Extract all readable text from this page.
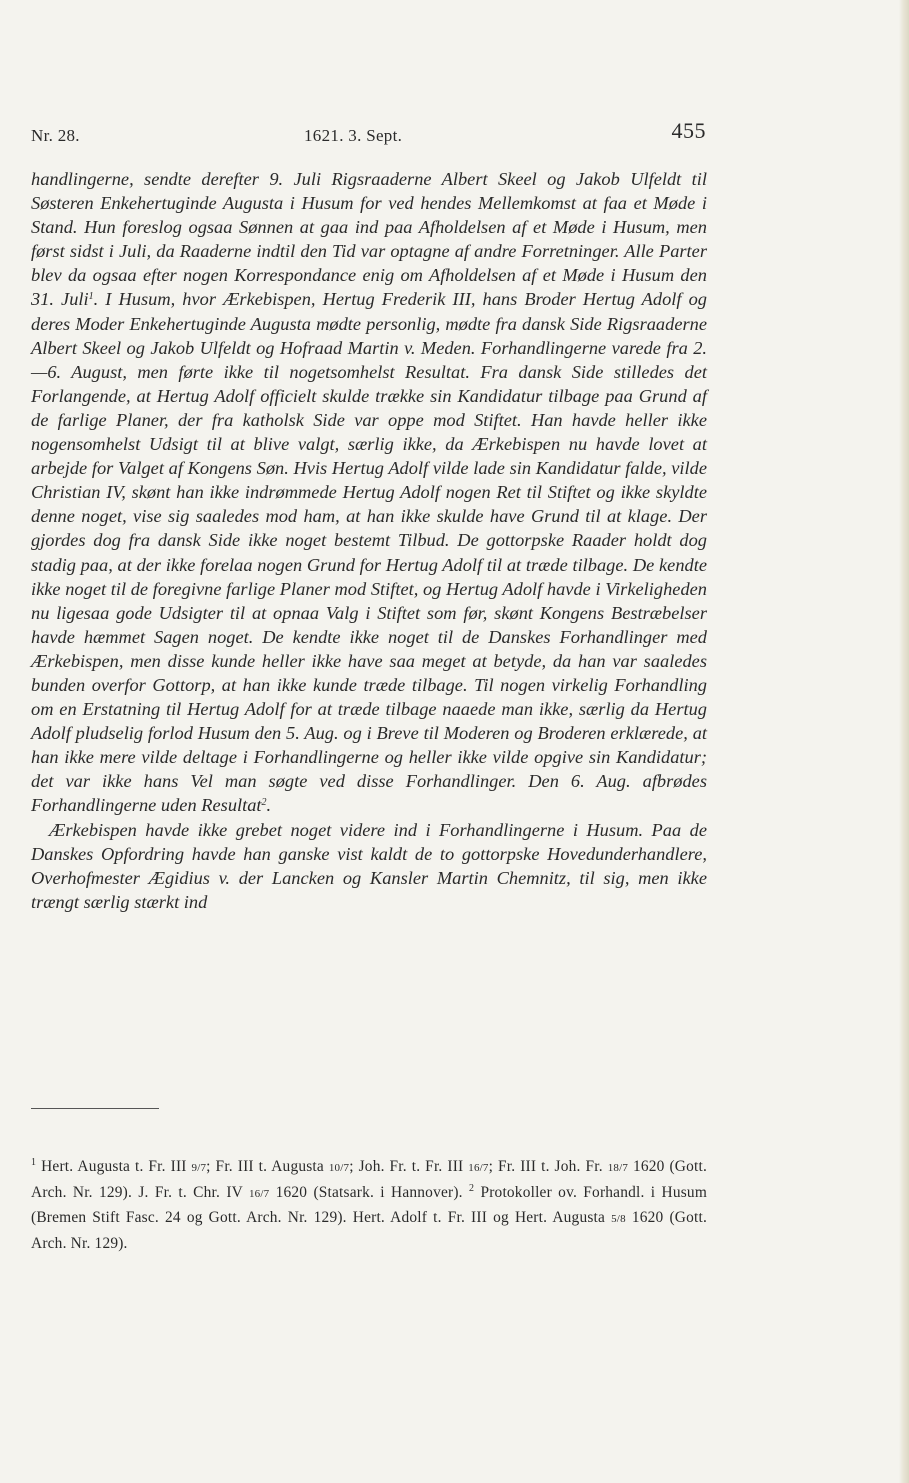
Nr. 28.	1621. 3. Sept.	455

handlingerne, sendte derefter 9. Juli Rigsraaderne Albert Skeel og Jakob Ulfeldt til Søsteren Enkehertuginde Augusta i Husum for ved hendes Mellemkomst at faa et Møde i Stand. Hun foreslog ogsaa Sønnen at gaa ind paa Afholdelsen af et Møde i Husum, men først sidst i Juli, da Raaderne indtil den Tid var optagne af andre Forretninger. Alle Parter blev da ogsaa efter nogen Korrespondance enig om Afholdelsen af et Møde i Husum den 31. Juli$^1$. I Husum, hvor Ærkebispen, Hertug Frederik III, hans Broder Hertug Adolf og deres Moder Enkehertuginde Augusta mødte personlig, mødte fra dansk Side Rigsraaderne Albert Skeel og Jakob Ulfeldt og Hofraad Martin v. Meden. Forhandlingerne varede fra 2.—6. August, men førte ikke til nogetsomhelst Resultat. Fra dansk Side stilledes det Forlangende, at Hertug Adolf officielt skulde trække sin Kandidatur tilbage paa Grund af de farlige Planer, der fra katholsk Side var oppe mod Stiftet. Han havde heller ikke nogensomhelst Udsigt til at blive valgt, særlig ikke, da Ærkebispen nu havde lovet at arbejde for Valget af Kongens Søn. Hvis Hertug Adolf vilde lade sin Kandidatur falde, vilde Christian IV, skønt han ikke indrømmede Hertug Adolf nogen Ret til Stiftet og ikke skyldte denne noget, vise sig saaledes mod ham, at han ikke skulde have Grund til at klage. Der gjordes dog fra dansk Side ikke noget bestemt Tilbud. De gottorpske Raader holdt dog stadig paa, at der ikke forelaa nogen Grund for Hertug Adolf til at træde tilbage. De kendte ikke noget til de foregivne farlige Planer mod Stiftet, og Hertug Adolf havde i Virkeligheden nu ligesaa gode Udsigter til at opnaa Valg i Stiftet som før, skønt Kongens Bestræbelser havde hæmmet Sagen noget. De kendte ikke noget til de Danskes Forhandlinger med Ærkebispen, men disse kunde heller ikke have saa meget at betyde, da han var saaledes bunden overfor Gottorp, at han ikke kunde træde tilbage. Til nogen virkelig Forhandling om en Erstatning til Hertug Adolf for at træde tilbage naaede man ikke, særlig da Hertug Adolf pludselig forlod Husum den 5. Aug. og i Breve til Moderen og Broderen erklærede, at han ikke mere vilde deltage i Forhandlingerne og heller ikke vilde opgive sin Kandidatur; det var ikke hans Vel man søgte ved disse Forhandlinger. Den 6. Aug. afbrødes Forhandlingerne uden Resultat$^2$.

Ærkebispen havde ikke grebet noget videre ind i Forhandlingerne i Husum. Paa de Danskes Opfordring havde han ganske vist kaldt de to gottorpske Hovedunderhandlere, Overhofmester Ægidius v. der Lancken og Kansler Martin Chemnitz, til sig, men ikke trængt særlig stærkt ind

$^1$ Hert. Augusta t. Fr. III 9/7; Fr. III t. Augusta 10/7; Joh. Fr. t. Fr. III 16/7; Fr. III t. Joh. Fr. 18/7 1620 (Gott. Arch. Nr. 129). J. Fr. t. Chr. IV 16/7 1620 (Statsark. i Hannover). $^2$ Protokoller ov. Forhandl. i Husum (Bremen Stift Fasc. 24 og Gott. Arch. Nr. 129). Hert. Adolf t. Fr. III og Hert. Augusta 5/8 1620 (Gott. Arch. Nr. 129).
